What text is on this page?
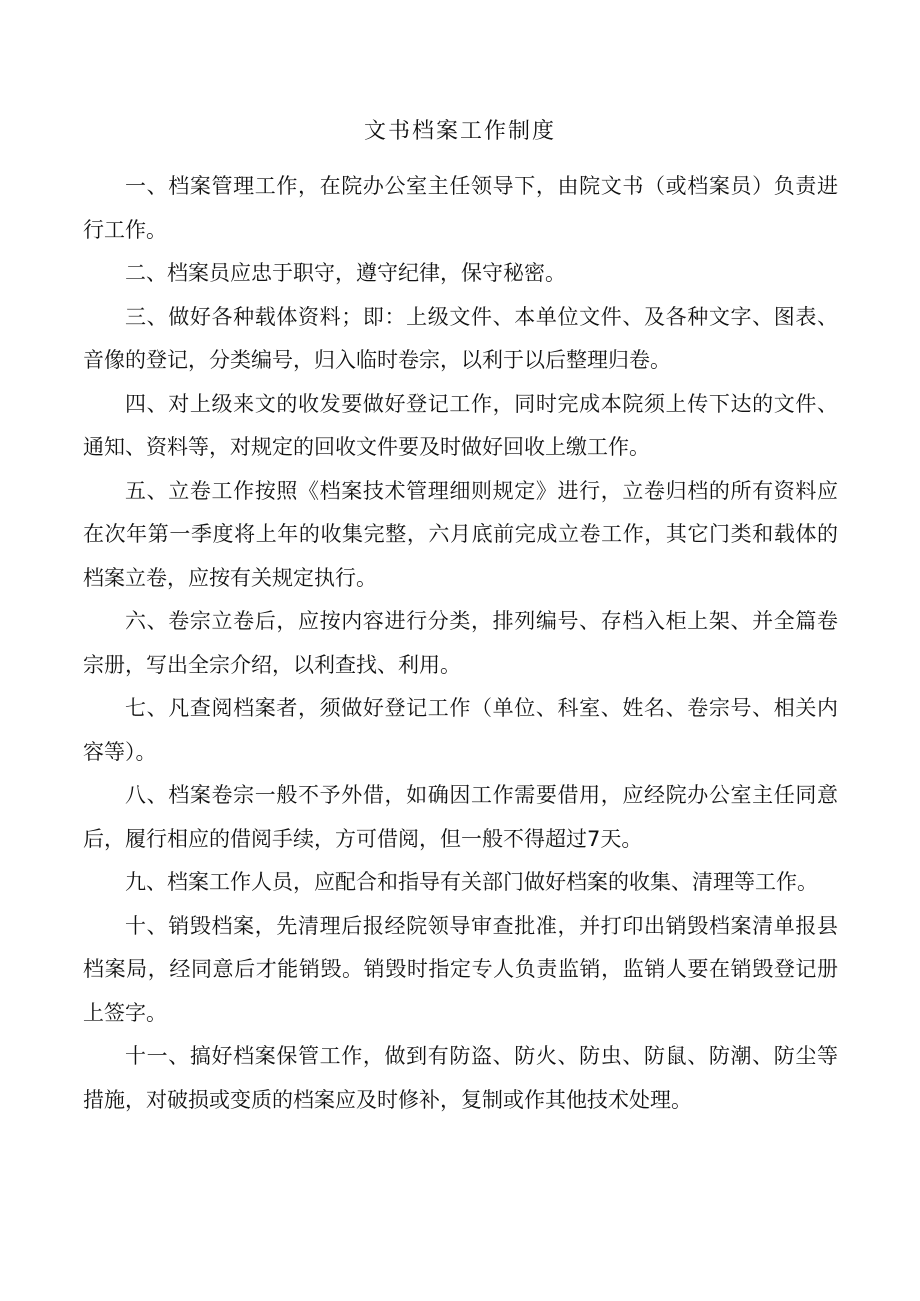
文书档案工作制度

一、档案管理工作，在院办公室主任领导下，由院文书（或档案员）负责进行工作。

二、档案员应忠于职守，遵守纪律，保守秘密。

三、做好各种载体资料；即：上级文件、本单位文件、及各种文字、图表、音像的登记，分类编号，归入临时卷宗，以利于以后整理归卷。

四、对上级来文的收发要做好登记工作，同时完成本院须上传下达的文件、通知、资料等，对规定的回收文件要及时做好回收上缴工作。

五、立卷工作按照《档案技术管理细则规定》进行，立卷归档的所有资料应在次年第一季度将上年的收集完整，六月底前完成立卷工作，其它门类和载体的档案立卷，应按有关规定执行。

六、卷宗立卷后，应按内容进行分类，排列编号、存档入柜上架、并全篇卷宗册，写出全宗介绍，以利查找、利用。

七、凡查阅档案者，须做好登记工作（单位、科室、姓名、卷宗号、相关内容等）。

八、档案卷宗一般不予外借，如确因工作需要借用，应经院办公室主任同意后，履行相应的借阅手续，方可借阅，但一般不得超过7天。

九、档案工作人员，应配合和指导有关部门做好档案的收集、清理等工作。

十、销毁档案，先清理后报经院领导审查批准，并打印出销毁档案清单报县档案局，经同意后才能销毁。销毁时指定专人负责监销，监销人要在销毁登记册上签字。

十一、搞好档案保管工作，做到有防盗、防火、防虫、防鼠、防潮、防尘等措施，对破损或变质的档案应及时修补，复制或作其他技术处理。
